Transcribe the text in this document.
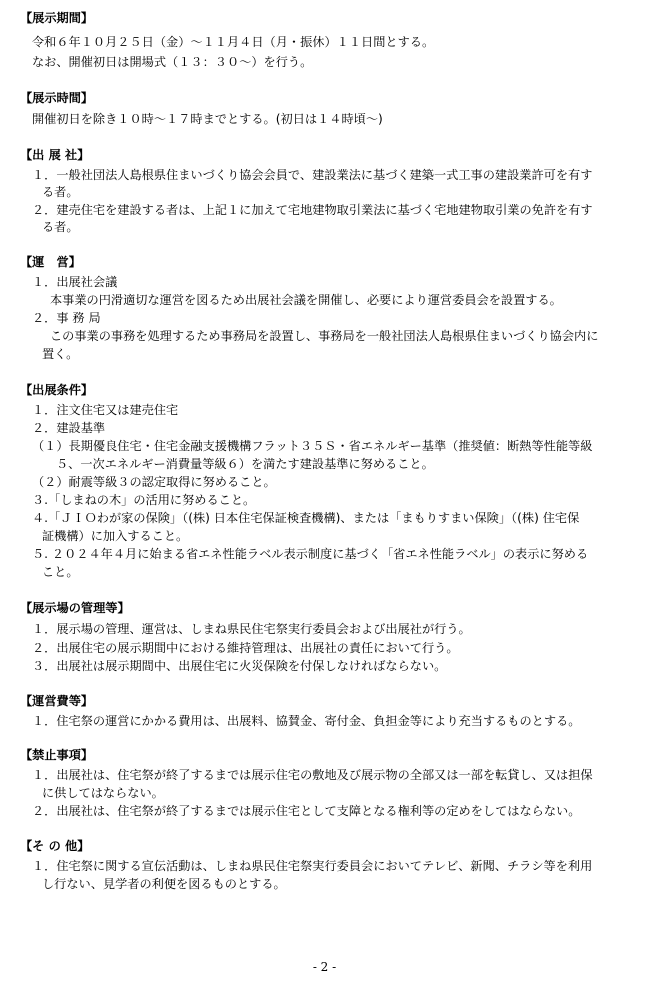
【展示期間】
令和６年１０月２５日（金）～１１月４日（月・振休）１１日間とする。
なお、開催初日は開場式（１３：３０～）を行う。
【展示時間】
開催初日を除き１０時～１７時までとする。(初日は１４時頃～)
【出 展 社】
１．一般社団法人島根県住まいづくり協会会員で、建設業法に基づく建築一式工事の建設業許可を有す
る者。
２．建売住宅を建設する者は、上記１に加えて宅地建物取引業法に基づく宅地建物取引業の免許を有す
る者。
【運　営】
１．出展社会議
本事業の円滑適切な運営を図るため出展社会議を開催し、必要により運営委員会を設置する。
２．事 務 局
この事業の事務を処理するため事務局を設置し、事務局を一般社団法人島根県住まいづくり協会内に
置く。
【出展条件】
１．注文住宅又は建売住宅
２．建設基準
（１）長期優良住宅・住宅金融支援機構フラット３５Ｓ・省エネルギー基準（推奨値：断熱等性能等級
５、一次エネルギー消費量等級６）を満たす建設基準に努めること。
（２）耐震等級３の認定取得に努めること。
３.「しまねの木」の活用に努めること。
４.「ＪＩＯわが家の保険」（(株) 日本住宅保証検査機構)、または「まもりすまい保険」（(株) 住宅保
証機構）に加入すること。
５. ２０２４年４月に始まる省エネ性能ラベル表示制度に基づく「省エネ性能ラベル」の表示に努める
こと。
【展示場の管理等】
１．展示場の管理、運営は、しまね県民住宅祭実行委員会および出展社が行う。
２．出展住宅の展示期間中における維持管理は、出展社の責任において行う。
３．出展社は展示期間中、出展住宅に火災保険を付保しなければならない。
【運営費等】
１．住宅祭の運営にかかる費用は、出展料、協賛金、寄付金、負担金等により充当するものとする。
【禁止事項】
１．出展社は、住宅祭が終了するまでは展示住宅の敷地及び展示物の全部又は一部を転貸し、又は担保
に供してはならない。
２．出展社は、住宅祭が終了するまでは展示住宅として支障となる権利等の定めをしてはならない。
【そ の 他】
１．住宅祭に関する宣伝活動は、しまね県民住宅祭実行委員会においてテレビ、新聞、チラシ等を利用
し行ない、見学者の利便を図るものとする。
- 2 -
